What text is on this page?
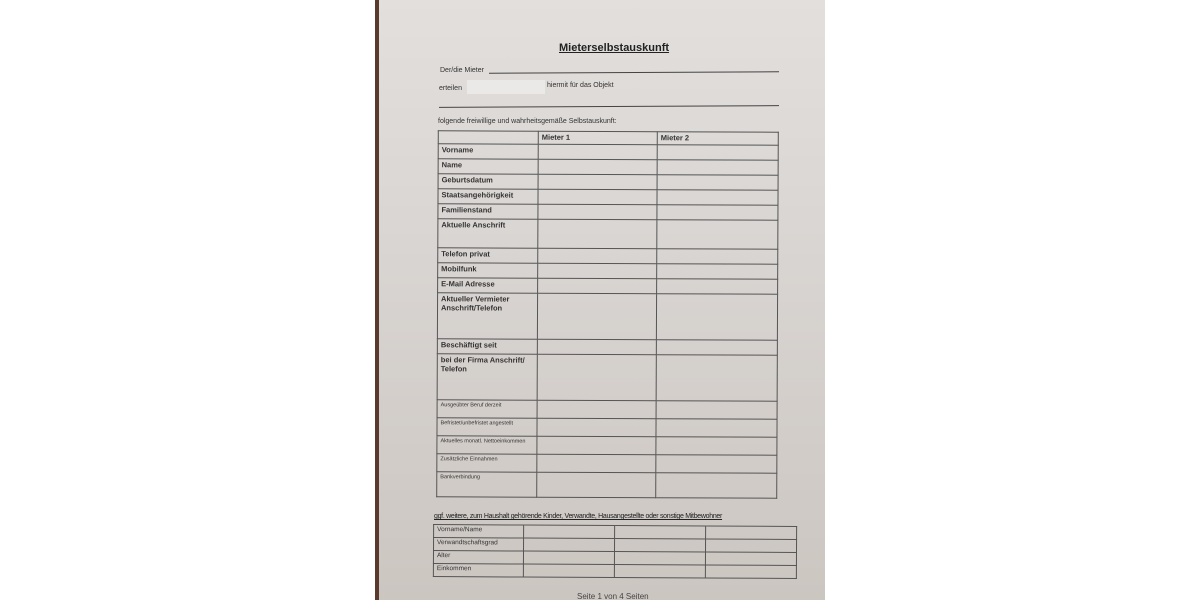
Mieterselbstauskunft
Der/die Mieter
erteilen	hiermit für das Objekt
folgende freiwillige und wahrheitsgemäße Selbstauskunft:
	Mieter 1	Mieter 2
Vorname		
Name		
Geburtsdatum		
Staatsangehörigkeit		
Familienstand		
Aktuelle Anschrift		
Telefon privat		
Mobilfunk		
E-Mail Adresse		
Aktueller Vermieter Anschrift/Telefon		
Beschäftigt seit		
bei der Firma Anschrift/ Telefon		
Ausgeübter Beruf derzeit		
Befristet/unbefristet angestellt		
Aktuelles monatl. Nettoeinkommen		
Zusätzliche Einnahmen		
Bankverbindung		
ggf. weitere, zum Haushalt gehörende Kinder, Verwandte, Hausangestellte oder sonstige Mitbewohner
Vorname/Name			
Verwandtschaftsgrad			
Alter			
Einkommen			
Seite 1 von 4 Seiten
